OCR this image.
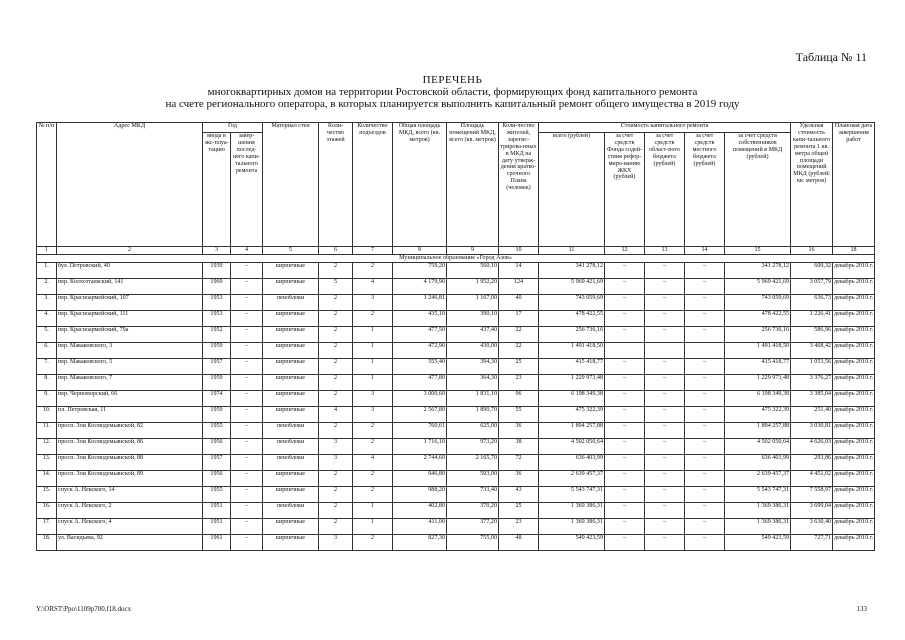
Таблица № 11
ПЕРЕЧЕНЬ
многоквартирных домов на территории Ростовской области, формирующих фонд капитального ремонта
на счете регионального оператора, в которых планируется выполнить капитальный ремонт общего имущества в 2019 году
№ п/п	Адрес МКД	Год		Материал стен	Коли-чество этажей	Количество подъездов	Общая площадь МКД, всего (кв. метров)	Площадь помещений МКД, всего (кв. метров)	Коли-чество жителей, зарегис-трирова-нных в МКД на дату утверж-дения кратко-срочного Плана (человек)	Стоимость капитального ремонта					Удельная стоимость капи-тального ремонта 1 кв. метра общей площади помещений МКД (рублей/ кв. метров)	Плановая дата завершения работ
		ввода в экс-плуа-тацию	завер-шения послед-него капи-тального ремонта							всего (рублей)	за счет средств Фонда содей-ствия рефор-миро-ванию ЖКХ (рублей)	за счет средств област-ного бюджета (рублей)	за счет средств местного бюджета (рублей)	за счет средств собственников помещений в МКД (рублей)		
1	2	3	4	5	6	7	8	9	10	11	12	13	14	15	16	18
Муниципальное образование «Город Азов»																
1.	бул. Петровский, 40	1939	–	кирпичные	2	2	759,20	560,10	14	341 278,12	–	–	–	341 278,12	609,32	декабрь 2019 г.
2.	пер. Колхозтаевский, 141	1969	–	кирпичные	5	4	4 179,90	1 952,20	124	5 969 421,69	–	–	–	5 969 421,69	3 057,79	декабрь 2019 г.
3.	пер. Красноармейский, 107	1953	–	пеноблоки	2	3	1 246,81	1 167,00	40	743 059,69	–	–	–	743 059,69	636,73	декабрь 2019 г.
4.	пер. Красноармейский, 111	1953	–	кирпичные	2	2	435,10	390,10	17	478 422,55	–	–	–	478 422,55	1 226,41	декабрь 2019 г.
5.	пер. Красноармейский, 79а	1952	–	кирпичные	2	1	477,50	437,40	22	256 736,16	–	–	–	256 736,16	586,96	декабрь 2019 г.
6.	пер. Макаковского, 3	1959	–	кирпичные	2	1	472,90	430,00	22	1 491 418,50				1 491 418,50	3 468,42	декабрь 2019 г.
7.	пер. Макаковского, 5	1957	–	кирпичные	2	1	555,40	394,30	25	415 418,77	–	–	–	415 418,77	1 053,56	декабрь 2019 г.
8.	пер. Макаковского, 7	1959	–	кирпичные	2	1	477,80	364,30	23	1 229 973,48	–	–	–	1 229 973,48	3 376,27	декабрь 2019 г.
9.	пер. Черноморский, 66	1974	–	кирпичные	2	3	3 000,60	1 831,10	96	6 198 349,38	–	–	–	6 198 349,38	3 385,04	декабрь 2019 г.
10.	пл. Петровская, 11	1959	–	кирпичные	4	3	2 567,80	1 890,70	55	475 322,39	–	–	–	475 322,39	251,40	декабрь 2019 г.
11.	просп. Зои Космодемьянской, 82	1955	–	пеноблоки	2	2	760,61	625,00	36	1 894 257,88	–	–	–	1 894 257,88	3 030,81	декабрь 2019 г.
12.	просп. Зои Космодемьянской, 86	1956	–	пеноблоки	3	2	1 716,10	973,20	38	4 502 050,64	–	–	–	4 502 050,64	4 626,03	декабрь 2019 г.
13.	просп. Зои Космодемьянской, 88	1957	–	пеноблоки	3	4	2 744,60	2 165,70	72	636 403,99	–	–	–	636 403,99	293,86	декабрь 2019 г.
14.	просп. Зои Космодемьянской, 89	1956	–	кирпичные	2	2	946,80	593,00	36	2 639 457,37	–	–	–	2 639 457,37	4 451,02	декабрь 2019 г.
15.	спуск А. Невского, 14	1955	–	кирпичные	2	2	988,20	733,40	43	5 543 747,31	–	–	–	5 543 747,31	7 558,97	декабрь 2019 г.
16.	спуск А. Невского, 2	1951	–	пеноблоки	2	1	402,80	370,20	25	1 369 386,31	–	–	–	1 369 386,31	3 699,04	декабрь 2019 г.
17.	спуск А. Невского, 4	1951	–	кирпичные	2	1	411,00	377,20	23	1 369 386,31	–	–	–	1 369 386,31	3 630,40	декабрь 2019 г.
18.	ул. Васидьева, 92	1961	–	кирпичные	3	2	827,30	755,00	48	549 423,59	–	–	–	549 423,59	727,71	декабрь 2019 г.
Y:\ORST\Ppo\1109p700.f18.docx	133
